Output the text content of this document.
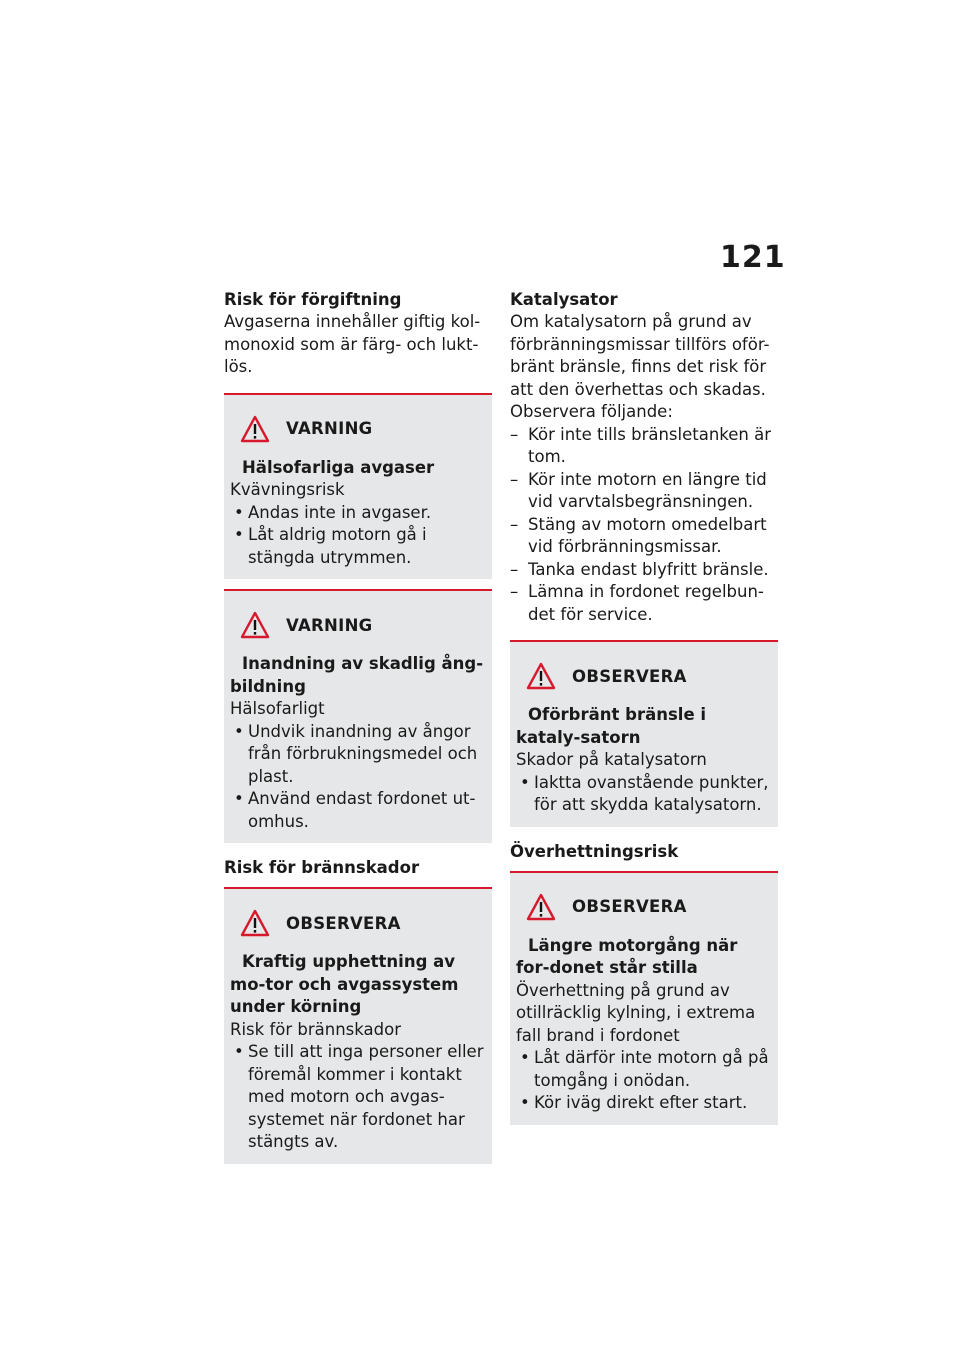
121

Risk för förgiftning

Avgaserna innehåller giftig kol-monoxid som är färg- och lukt-lös.

VARNING

Hälsofarliga avgaser

Kvävningsrisk

• Andas inte in avgaser.
• Låt aldrig motorn gå i stängda utrymmen.
VARNING

Inandning av skadlig ång-bildning

Hälsofarligt

• Undvik inandning av ångor från förbrukningsmedel och plast.
• Använd endast fordonet ut-omhus.

Risk för brännskador

OBSERVERA

Kraftig upphettning av mo-tor och avgassystem under körning

Risk för brännskador

• Se till att inga personer eller föremål kommer i kontakt med motorn och avgas-systemet när fordonet har stängts av.

Katalysator

Om katalysatorn på grund av förbränningsmissar tillförs oför-bränt bränsle, finns det risk för att den överhettas och skadas. Observera följande:

– Kör inte tills bränsletanken är tom.
– Kör inte motorn en längre tid vid varvtalsbegränsningen.
– Stäng av motorn omedelbart vid förbränningsmissar.
– Tanka endast blyfritt bränsle.
– Lämna in fordonet regelbun-det för service.
OBSERVERA

Oförbränt bränsle i kataly-satorn

Skador på katalysatorn

• Iaktta ovanstående punkter, för att skydda katalysatorn.

Överhettningsrisk

OBSERVERA

Längre motorgång när for-donet står stilla

Överhettning på grund av otillräcklig kylning, i extrema fall brand i fordonet

• Låt därför inte motorn gå på tomgång i onödan.
• Kör iväg direkt efter start.
